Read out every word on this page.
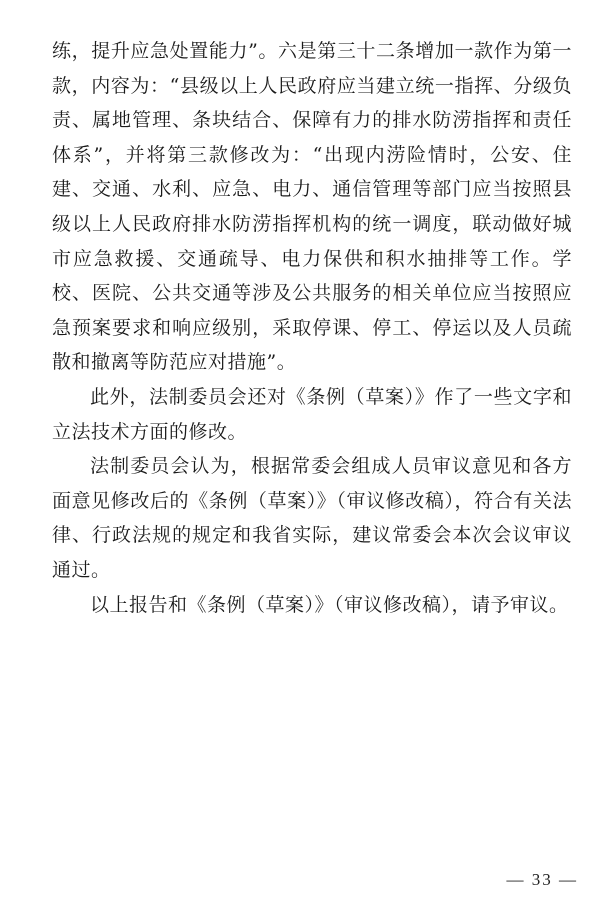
练，提升应急处置能力”。六是第三十二条增加一款作为第一款，内容为：“县级以上人民政府应当建立统一指挥、分级负责、属地管理、条块结合、保障有力的排水防涝指挥和责任体系”，并将第三款修改为：“出现内涝险情时，公安、住建、交通、水利、应急、电力、通信管理等部门应当按照县级以上人民政府排水防涝指挥机构的统一调度，联动做好城市应急救援、交通疏导、电力保供和积水抽排等工作。学校、医院、公共交通等涉及公共服务的相关单位应当按照应急预案要求和响应级别，采取停课、停工、停运以及人员疏散和撤离等防范应对措施”。

此外，法制委员会还对《条例（草案）》作了一些文字和立法技术方面的修改。

法制委员会认为，根据常委会组成人员审议意见和各方面意见修改后的《条例（草案）》（审议修改稿），符合有关法律、行政法规的规定和我省实际，建议常委会本次会议审议通过。

以上报告和《条例（草案）》（审议修改稿），请予审议。

— 33 —
